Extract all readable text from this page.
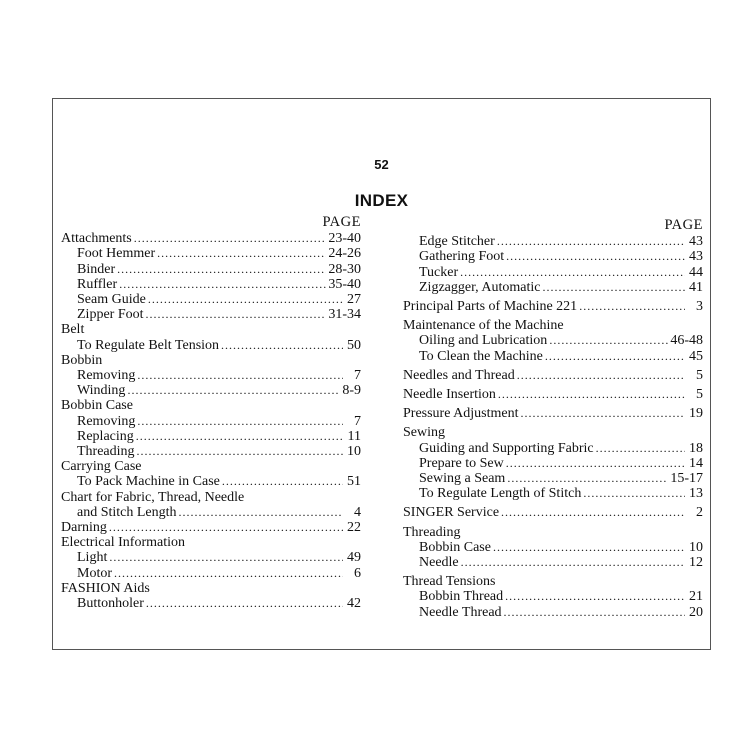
52
INDEX
PAGE
Attachments . . .	23-40
Foot Hemmer . . .	24-26
Binder . . .	28-30
Ruffler . . .	35-40
Seam Guide . . .	27
Zipper Foot . . .	31-34
Belt
To Regulate Belt Tension . . .	50
Bobbin
Removing . . .	7
Winding . . .	8-9
Bobbin Case
Removing . . .	7
Replacing . . .	11
Threading . . .	10
Carrying Case
To Pack Machine in Case . . .	51
Chart for Fabric, Thread, Needle
and Stitch Length . . .	4
Darning . . .	22
Electrical Information
Light . . .	49
Motor . . .	6
FASHION Aids
Buttonholer . . .	42
PAGE
Edge Stitcher . . .	43
Gathering Foot . . .	43
Tucker . . .	44
Zigzagger, Automatic . . .	41
Principal Parts of Machine 221 . . .	3
Maintenance of the Machine
Oiling and Lubrication . . .	46-48
To Clean the Machine . . .	45
Needles and Thread . . .	5
Needle Insertion . . .	5
Pressure Adjustment . . .	19
Sewing
Guiding and Supporting Fabric . . .	18
Prepare to Sew . . .	14
Sewing a Seam . . .	15-17
To Regulate Length of Stitch . . .	13
SINGER Service . . .	2
Threading
Bobbin Case . . .	10
Needle . . .	12
Thread Tensions
Bobbin Thread . . .	21
Needle Thread . . .	20
